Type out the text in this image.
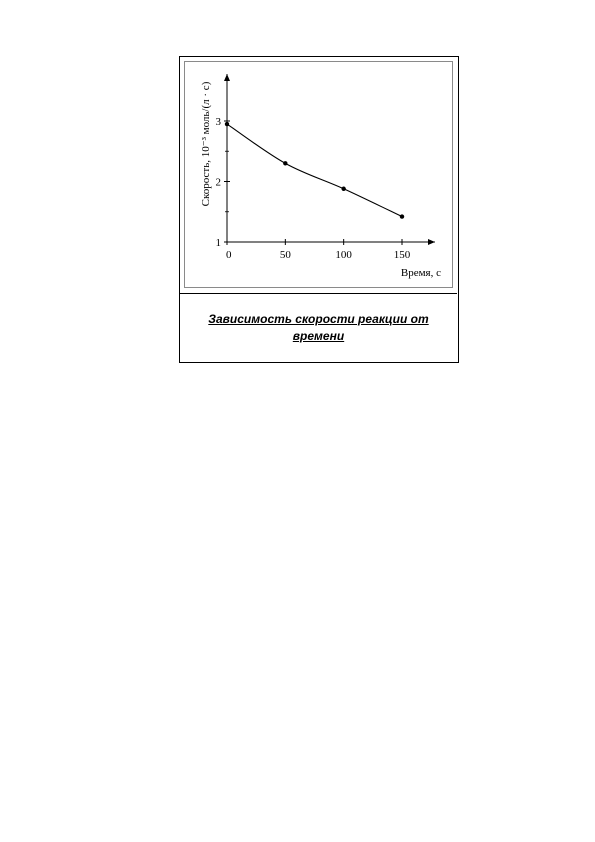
1
2
3
0	50	100	150
Скорость, 10⁻³ моль/(л · с)
Время, с
Зависимость скорости реакции от времени
